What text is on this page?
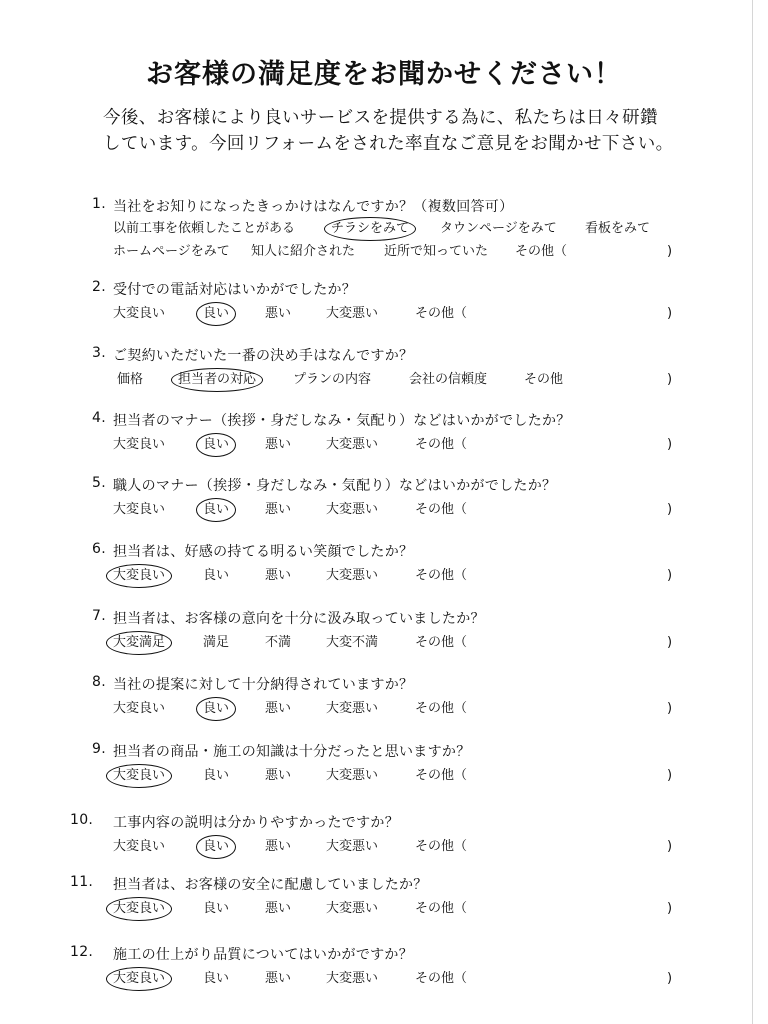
お客様の満足度をお聞かせください！
今後、お客様により良いサービスを提供する為に、私たちは日々研鑽
しています。今回リフォームをされた率直なご意見をお聞かせ下さい。
1. 当社をお知りになったきっかけはなんですか？（複数回答可）
以前工事を依頼したことがある	チラシをみて	タウンページをみて 看板をみて
ホームページをみて 知人に紹介された 近所で知っていた その他（	)
2. 受付での電話対応はいかがでしたか？
大変良い	良い	悪い	大変悪い	その他（	)
3. ご契約いただいた一番の決め手はなんですか？
価格	担当者の対応	プランの内容	会社の信頼度	その他	)
4. 担当者のマナー（挨拶・身だしなみ・気配り）などはいかがでしたか？
大変良い	良い	悪い	大変悪い	その他（	)
5. 職人のマナー（挨拶・身だしなみ・気配り）などはいかがでしたか？
大変良い	良い	悪い	大変悪い	その他（	)
6. 担当者は、好感の持てる明るい笑顔でしたか？
大変良い	良い	悪い	大変悪い	その他（	)
7. 担当者は、お客様の意向を十分に汲み取っていましたか？
大変満足	満足	不満	大変不満	その他（	)
8. 当社の提案に対して十分納得されていますか？
大変良い	良い	悪い	大変悪い	その他（	)
9. 担当者の商品・施工の知識は十分だったと思いますか？
大変良い	良い	悪い	大変悪い	その他（	)
10. 工事内容の説明は分かりやすかったですか？
大変良い	良い	悪い	大変悪い	その他（	)
11. 担当者は、お客様の安全に配慮していましたか？
大変良い	良い	悪い	大変悪い	その他（	)
12. 施工の仕上がり品質についてはいかがですか？
大変良い	良い	悪い	大変悪い	その他（	)
